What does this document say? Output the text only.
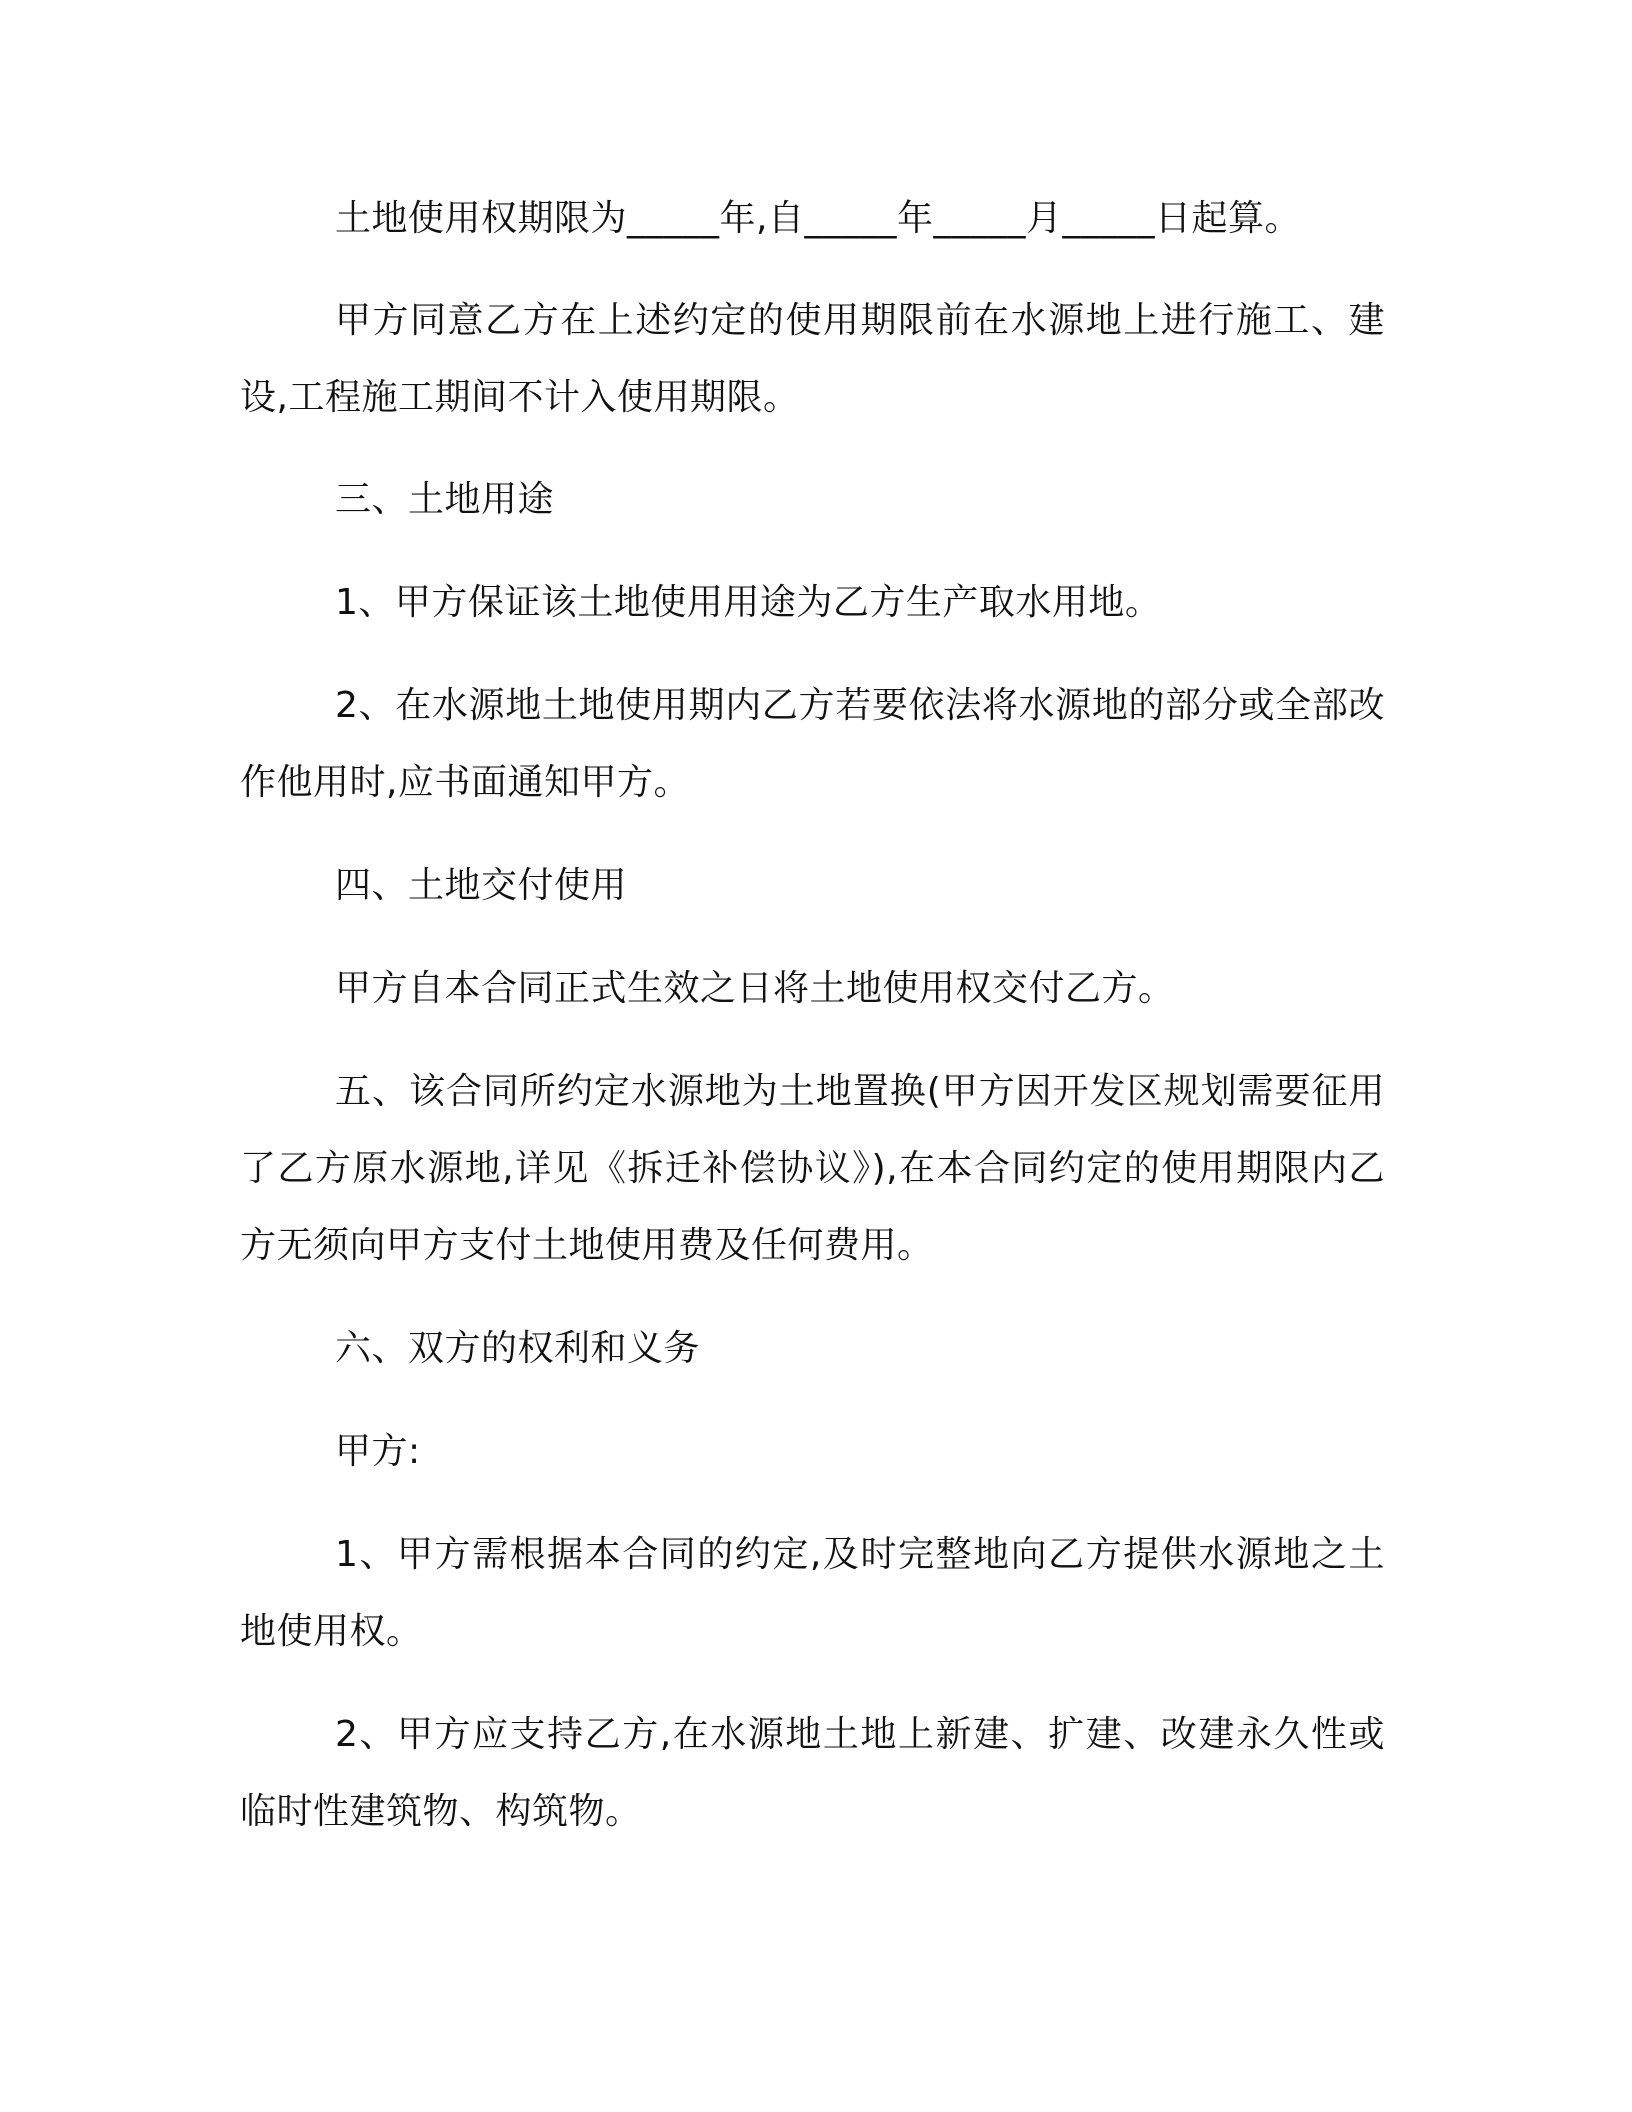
土地使用权期限为_____年,自_____年_____月_____日起算。

甲方同意乙方在上述约定的使用期限前在水源地上进行施工、建设,工程施工期间不计入使用期限。

三、土地用途

1、甲方保证该土地使用用途为乙方生产取水用地。

2、在水源地土地使用期内乙方若要依法将水源地的部分或全部改作他用时,应书面通知甲方。

四、土地交付使用

甲方自本合同正式生效之日将土地使用权交付乙方。

五、该合同所约定水源地为土地置换(甲方因开发区规划需要征用了乙方原水源地,详见《拆迁补偿协议》),在本合同约定的使用期限内乙方无须向甲方支付土地使用费及任何费用。

六、双方的权利和义务

甲方:

1、甲方需根据本合同的约定,及时完整地向乙方提供水源地之土地使用权。

2、甲方应支持乙方,在水源地土地上新建、扩建、改建永久性或临时性建筑物、构筑物。
